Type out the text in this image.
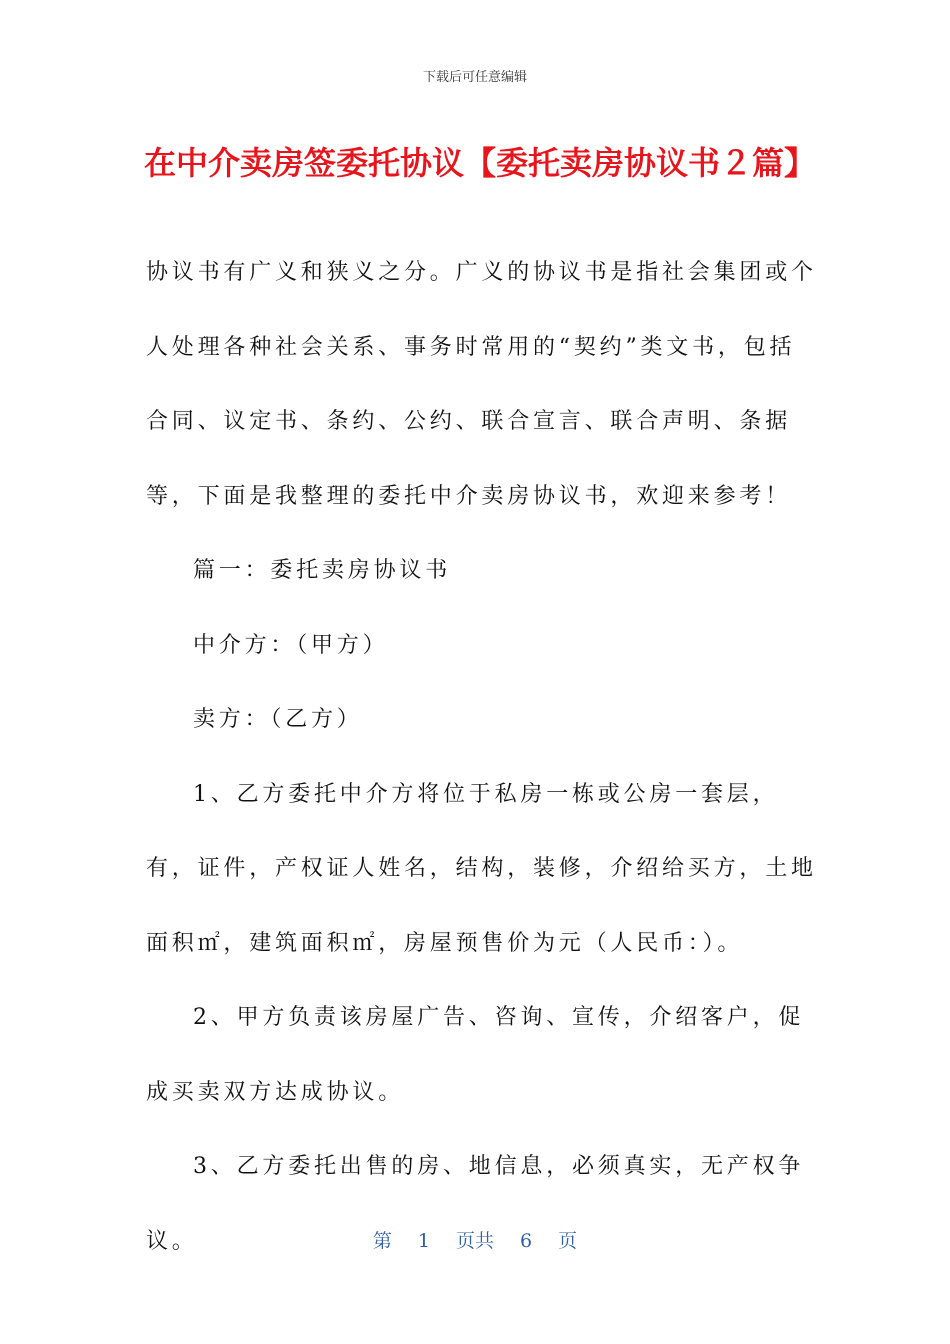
下载后可任意编辑
在中介卖房签委托协议【委托卖房协议书２篇】

协议书有广义和狭义之分。广义的协议书是指社会集团或个人处理各种社会关系、事务时常用的“契约”类文书，包括合同、议定书、条约、公约、联合宣言、联合声明、条据等，下面是我整理的委托中介卖房协议书，欢迎来参考！

篇一：委托卖房协议书

中介方：（甲方）

卖方：（乙方）

1、乙方委托中介方将位于私房一栋或公房一套层，有，证件，产权证人姓名，结构，装修，介绍给买方，土地面积㎡，建筑面积㎡，房屋预售价为元（人民币：）。

2、甲方负责该房屋广告、咨询、宣传，介绍客户，促成买卖双方达成协议。

3、乙方委托出售的房、地信息，必须真实，无产权争议。	第 1 页共 6 页
